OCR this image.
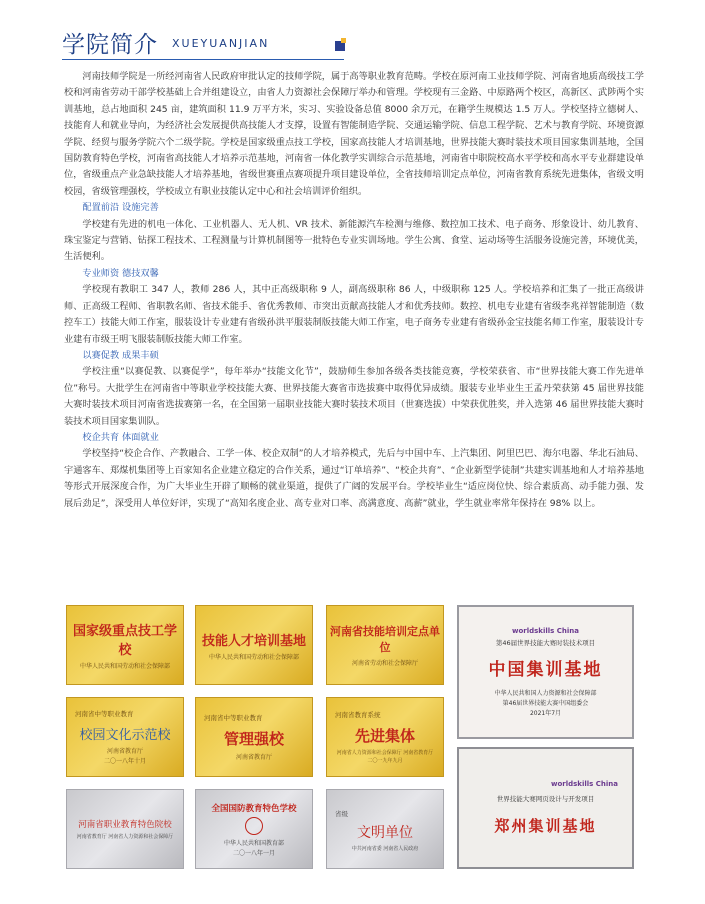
学院简介 XUEYUANJIAN

河南技师学院是一所经河南省人民政府审批认定的技师学院，属于高等职业教育范畴。学校在原河南工业技师学院、河南省地质高级技工学校和河南省劳动干部学校基础上合并组建设立，由省人力资源社会保障厅举办和管理。学校现有三金路、中原路两个校区，高新区、武陟两个实训基地，总占地面积 245 亩，建筑面积 11.9 万平方米，实习、实验设备总值 8000 余万元，在籍学生规模达 1.5 万人。学校坚持立德树人、技能育人和就业导向，为经济社会发展提供高技能人才支撑，设置有智能制造学院、交通运输学院、信息工程学院、艺术与教育学院、环境资源学院、经贸与服务学院六个二级学院。学校是国家级重点技工学校，国家高技能人才培训基地，世界技能大赛时装技术项目国家集训基地，全国国防教育特色学校，河南省高技能人才培养示范基地，河南省一体化教学实训综合示范基地，河南省中职院校高水平学校和高水平专业群建设单位，省级重点产业急缺技能人才培养基地，省级世赛重点赛项提升项目建设单位，全省技师培训定点单位，河南省教育系统先进集体，省级文明校园，省级管理强校，学校成立有职业技能认定中心和社会培训评价组织。

配置前沿 设施完善

学校建有先进的机电一体化、工业机器人、无人机、VR 技术、新能源汽车检测与维修、数控加工技术、电子商务、形象设计、幼儿教育、珠宝鉴定与营销、钻探工程技术、工程测量与计算机制图等一批特色专业实训场地。学生公寓、食堂、运动场等生活服务设施完善，环境优美，生活便利。

专业师资 德技双馨

学校现有教职工 347 人，教师 286 人，其中正高级职称 9 人，副高级职称 86 人，中级职称 125 人。学校培养和汇集了一批正高级讲师、正高级工程师、省职教名师、省技术能手、省优秀教师、市突出贡献高技能人才和优秀技师。数控、机电专业建有省级李兆祥智能制造（数控车工）技能大师工作室，服装设计专业建有省级孙洪平服装制版技能大师工作室，电子商务专业建有省级孙金宝技能名师工作室，服装设计专业建有市级王明飞服装制版技能大师工作室。

以赛促教 成果丰硕

学校注重“以赛促教、以赛促学”，每年举办“技能文化节”，鼓励师生参加各级各类技能竞赛，学校荣获省、市“世界技能大赛工作先进单位”称号。大批学生在河南省中等职业学校技能大赛、世界技能大赛省市选拔赛中取得优异成绩。服装专业毕业生王孟丹荣获第 45 届世界技能大赛时装技术项目河南省选拔赛第一名，在全国第一届职业技能大赛时装技术项目（世赛选拔）中荣获优胜奖，并入选第 46 届世界技能大赛时装技术项目国家集训队。

校企共育 体面就业

学校坚持“校企合作、产教融合、工学一体、校企双制”的人才培养模式，先后与中国中车、上汽集团、阿里巴巴、海尔电器、华北石油局、宇通客车、郑煤机集团等上百家知名企业建立稳定的合作关系，通过“订单培养”、“校企共育”、“企业新型学徒制”共建实训基地和人才培养基地等形式开展深度合作，为广大毕业生开辟了顺畅的就业渠道，提供了广阔的发展平台。学校毕业生“适应岗位快、综合素质高、动手能力强、发展后劲足”，深受用人单位好评，实现了“高知名度企业、高专业对口率、高满意度、高薪”就业，学生就业率常年保持在 98% 以上。

国家级重点技工学校
中华人民共和国劳动和社会保障部
技能人才培训基地
中华人民共和国劳动和社会保障部
河南省技能培训定点单位
河南省劳动和社会保障厅
worldskills China
第46届世界技能大赛时装技术项目
中国集训基地
中华人民共和国人力资源和社会保障部
第46届世界技能大赛中国组委会
2021年7月
河南省中等职业教育
校园文化示范校
河南省教育厅
二〇一八年十月
河南省中等职业教育
管理强校
河南省教育厅
河南省教育系统
先进集体
河南省人力资源和社会保障厅 河南省教育厅
二〇一九年九月
worldskills China
世界技能大赛网页设计与开发项目
郑州集训基地
河南省职业教育特色院校
河南省教育厅 河南省人力资源和社会保障厅
全国国防教育特色学校
中华人民共和国教育部
二〇一八年一月
省级
文明单位
中共河南省委 河南省人民政府
